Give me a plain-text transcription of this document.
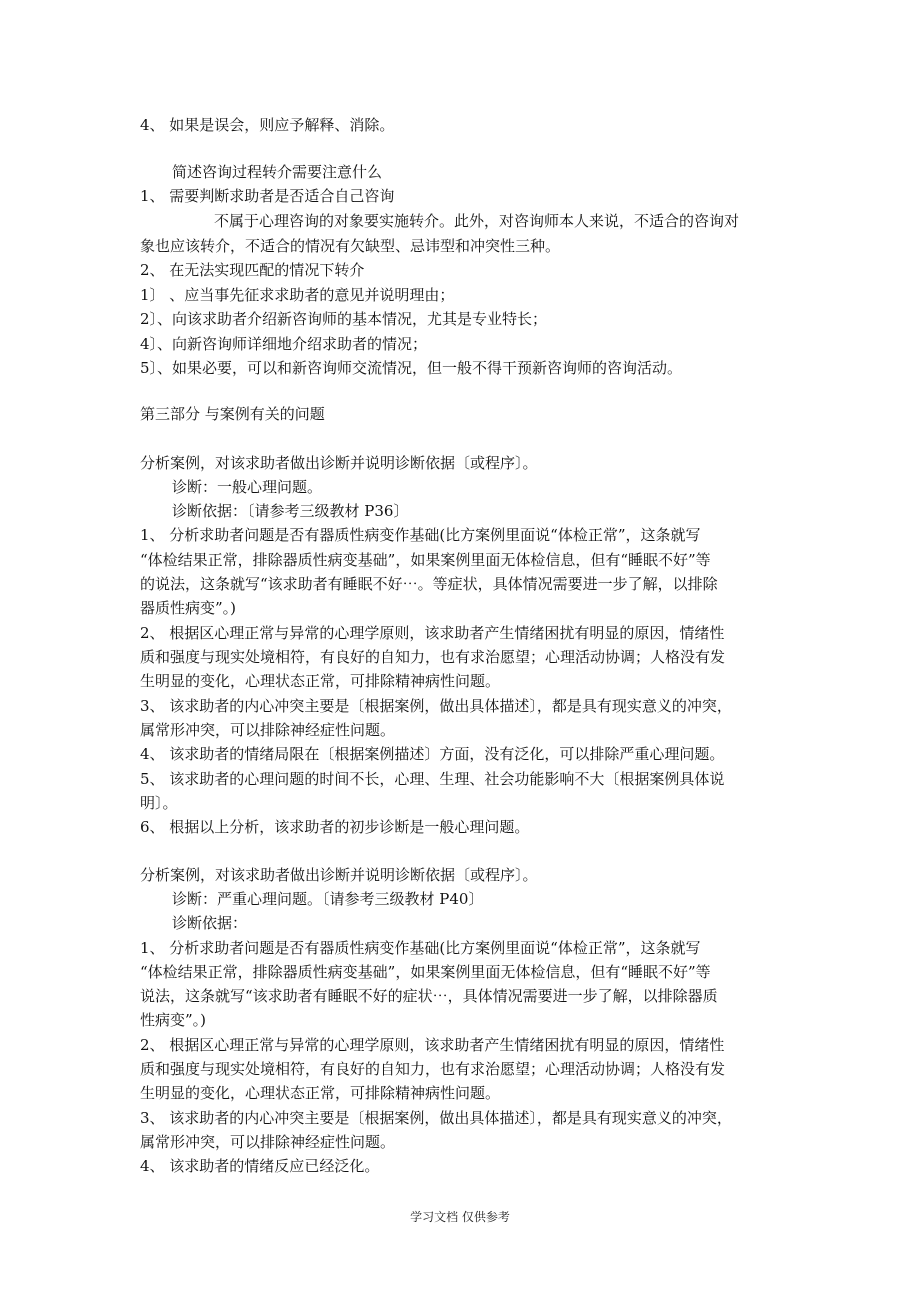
4、 如果是误会，则应予解释、消除。
简述咨询过程转介需要注意什么
1、 需要判断求助者是否适合自己咨询
不属于心理咨询的对象要实施转介。此外，对咨询师本人来说，不适合的咨询对
象也应该转介，不适合的情况有欠缺型、忌讳型和冲突性三种。
2、 在无法实现匹配的情况下转介
1〕 、应当事先征求求助者的意见并说明理由；
2〕、向该求助者介绍新咨询师的基本情况，尤其是专业特长；
4〕、向新咨询师详细地介绍求助者的情况；
5〕、如果必要，可以和新咨询师交流情况，但一般不得干预新咨询师的咨询活动。
第三部分 与案例有关的问题
分析案例，对该求助者做出诊断并说明诊断依据〔或程序〕。
诊断：一般心理问题。
诊断依据：〔请参考三级教材 P36〕
1、 分析求助者问题是否有器质性病变作基础(比方案例里面说“体检正常”，这条就写
“体检结果正常，排除器质性病变基础”，如果案例里面无体检信息，但有“睡眠不好”等
的说法，这条就写“该求助者有睡眠不好⋯。等症状，具体情况需要进一步了解，以排除
器质性病变”。)
2、 根据区心理正常与异常的心理学原则，该求助者产生情绪困扰有明显的原因，情绪性
质和强度与现实处境相符，有良好的自知力，也有求治愿望；心理活动协调；人格没有发
生明显的变化，心理状态正常，可排除精神病性问题。
3、 该求助者的内心冲突主要是〔根据案例，做出具体描述〕，都是具有现实意义的冲突，
属常形冲突，可以排除神经症性问题。
4、 该求助者的情绪局限在〔根据案例描述〕方面，没有泛化，可以排除严重心理问题。
5、 该求助者的心理问题的时间不长，心理、生理、社会功能影响不大〔根据案例具体说
明〕。
6、 根据以上分析，该求助者的初步诊断是一般心理问题。
分析案例，对该求助者做出诊断并说明诊断依据〔或程序〕。
诊断：严重心理问题。〔请参考三级教材 P40〕
诊断依据：
1、 分析求助者问题是否有器质性病变作基础(比方案例里面说“体检正常”，这条就写
“体检结果正常，排除器质性病变基础”，如果案例里面无体检信息，但有“睡眠不好”等
说法，这条就写“该求助者有睡眠不好的症状⋯，具体情况需要进一步了解，以排除器质
性病变”。)
2、 根据区心理正常与异常的心理学原则，该求助者产生情绪困扰有明显的原因，情绪性
质和强度与现实处境相符，有良好的自知力，也有求治愿望；心理活动协调；人格没有发
生明显的变化，心理状态正常，可排除精神病性问题。
3、 该求助者的内心冲突主要是〔根据案例，做出具体描述〕，都是具有现实意义的冲突，
属常形冲突，可以排除神经症性问题。
4、 该求助者的情绪反应已经泛化。
学习文档 仅供参考
